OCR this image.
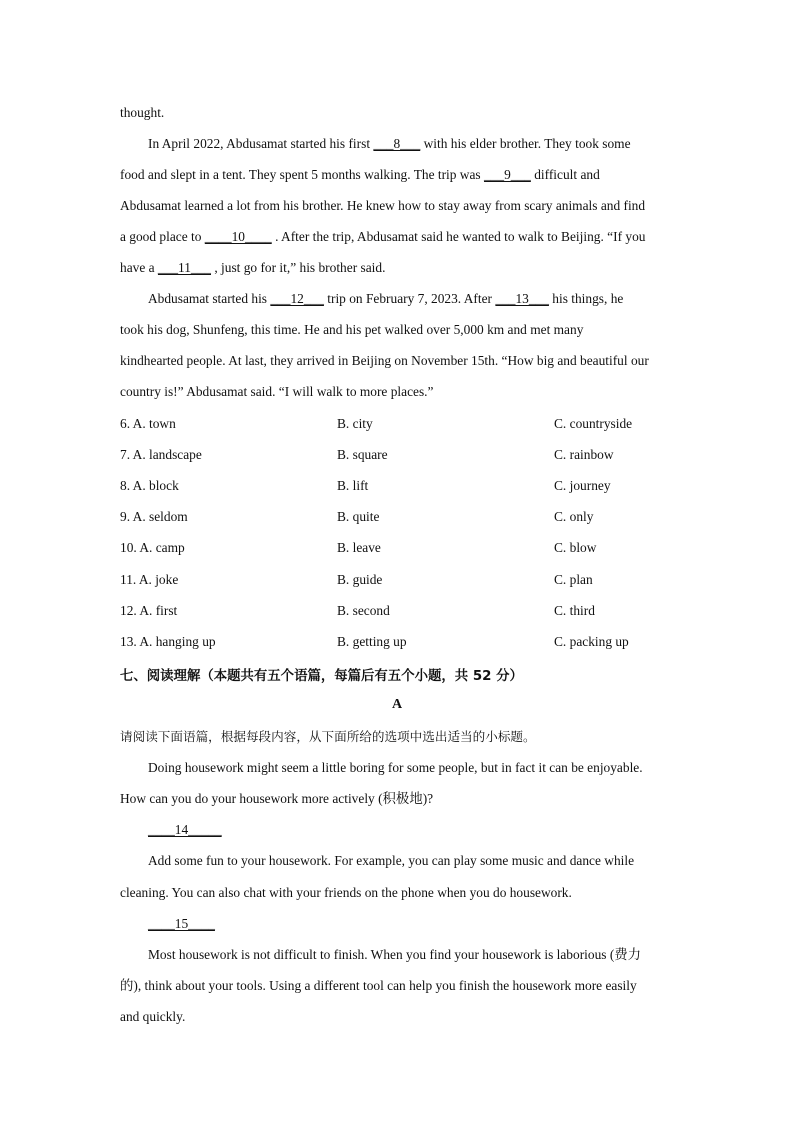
thought.
In April 2022, Abdusamat started his first ___8___ with his elder brother. They took some
food and slept in a tent. They spent 5 months walking. The trip was ___9___ difficult and
Abdusamat learned a lot from his brother. He knew how to stay away from scary animals and find
a good place to ____10____ . After the trip, Abdusamat said he wanted to walk to Beijing. “If you
have a ___11___ , just go for it,” his brother said.
Abdusamat started his ___12___ trip on February 7, 2023. After ___13___ his things, he
took his dog, Shunfeng, this time. He and his pet walked over 5,000 km and met many
kindhearted people. At last, they arrived in Beijing on November 15th. “How big and beautiful our
country is!” Abdusamat said. “I will walk to more places.”
6. A. town	B. city	C. countryside
7. A. landscape	B. square	C. rainbow
8. A. block	B. lift	C. journey
9. A. seldom	B. quite	C. only
10. A. camp	B. leave	C. blow
11. A. joke	B. guide	C. plan
12. A. first	B. second	C. third
13. A. hanging up	B. getting up	C. packing up
七、阅读理解（本题共有五个语篇，每篇后有五个小题，共 52 分）
A
请阅读下面语篇，根据每段内容，从下面所给的选项中选出适当的小标题。
Doing housework might seem a little boring for some people, but in fact it can be enjoyable.
How can you do your housework more actively (积极地)?
____14_____
Add some fun to your housework. For example, you can play some music and dance while
cleaning. You can also chat with your friends on the phone when you do housework.
____15____
Most housework is not difficult to finish. When you find your housework is laborious (费力
的), think about your tools. Using a different tool can help you finish the housework more easily
and quickly.
